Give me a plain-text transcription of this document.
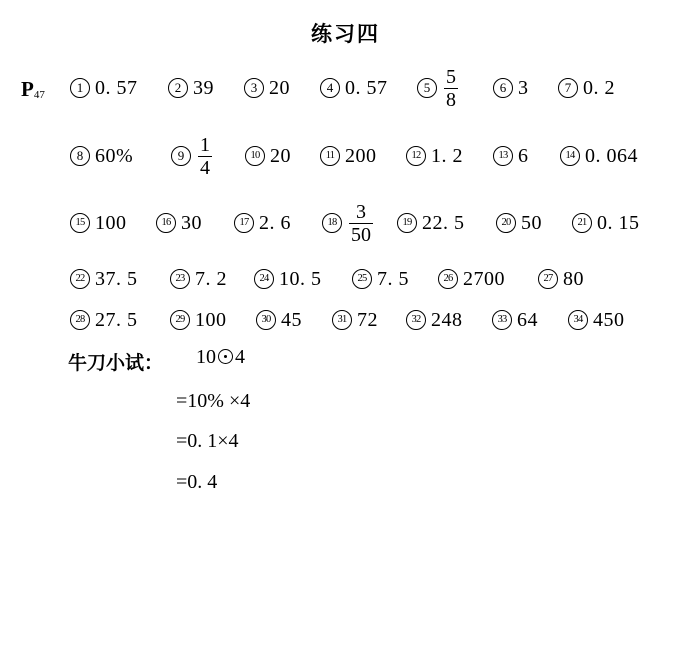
练习四
$P_{47}$	1 0. 57	2 39	3 20	4 0. 57	$5 \frac{5}{8}$	6 3	7 0. 2
8 60%	$9 \frac{1}{4}$	10 20	11 200	12 1. 2	13 6	14 0. 064
15 100	16 30	17 2. 6	$18 \frac{3}{50}$	19 22. 5	20 50	21 0. 15
22 37. 5	23 7. 2	24 10. 5	25 7. 5	26 2700	27 80
28 27. 5	29 100	30 45	31 72	32 248	33 64	34 450
牛刀小试： 10 4
=10% ×4
=0. 1×4
=0. 4
